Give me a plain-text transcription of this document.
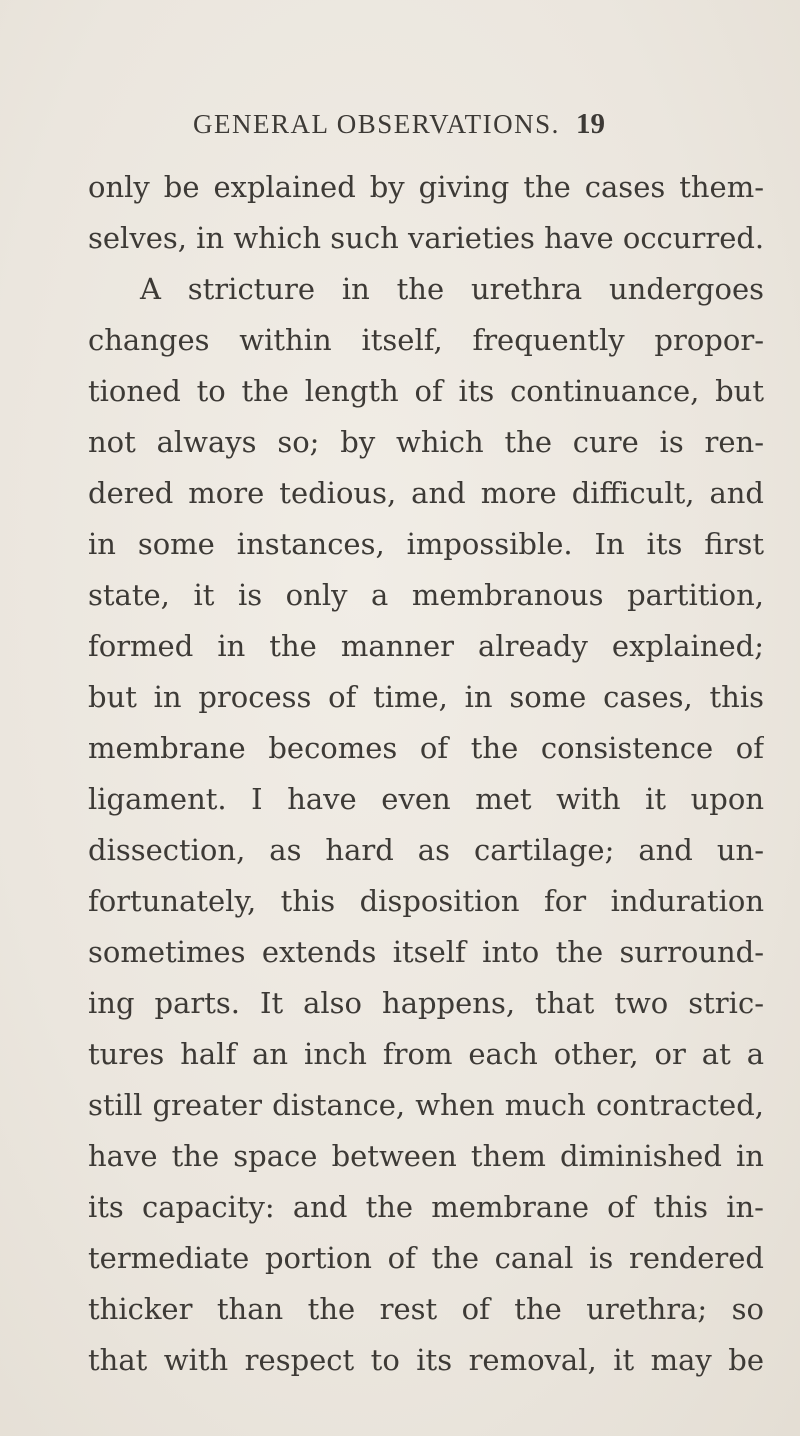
GENERAL OBSERVATIONS. 19
only be explained by giving the cases them-
selves, in which such varieties have occurred.
A stricture in the urethra undergoes
changes within itself, frequently propor-
tioned to the length of its continuance, but
not always so; by which the cure is ren-
dered more tedious, and more difficult, and
in some instances, impossible. In its first
state, it is only a membranous partition,
formed in the manner already explained;
but in process of time, in some cases, this
membrane becomes of the consistence of
ligament. I have even met with it upon
dissection, as hard as cartilage; and un-
fortunately, this disposition for induration
sometimes extends itself into the surround-
ing parts. It also happens, that two stric-
tures half an inch from each other, or at a
still greater distance, when much contracted,
have the space between them diminished in
its capacity: and the membrane of this in-
termediate portion of the canal is rendered
thicker than the rest of the urethra; so
that with respect to its removal, it may be
